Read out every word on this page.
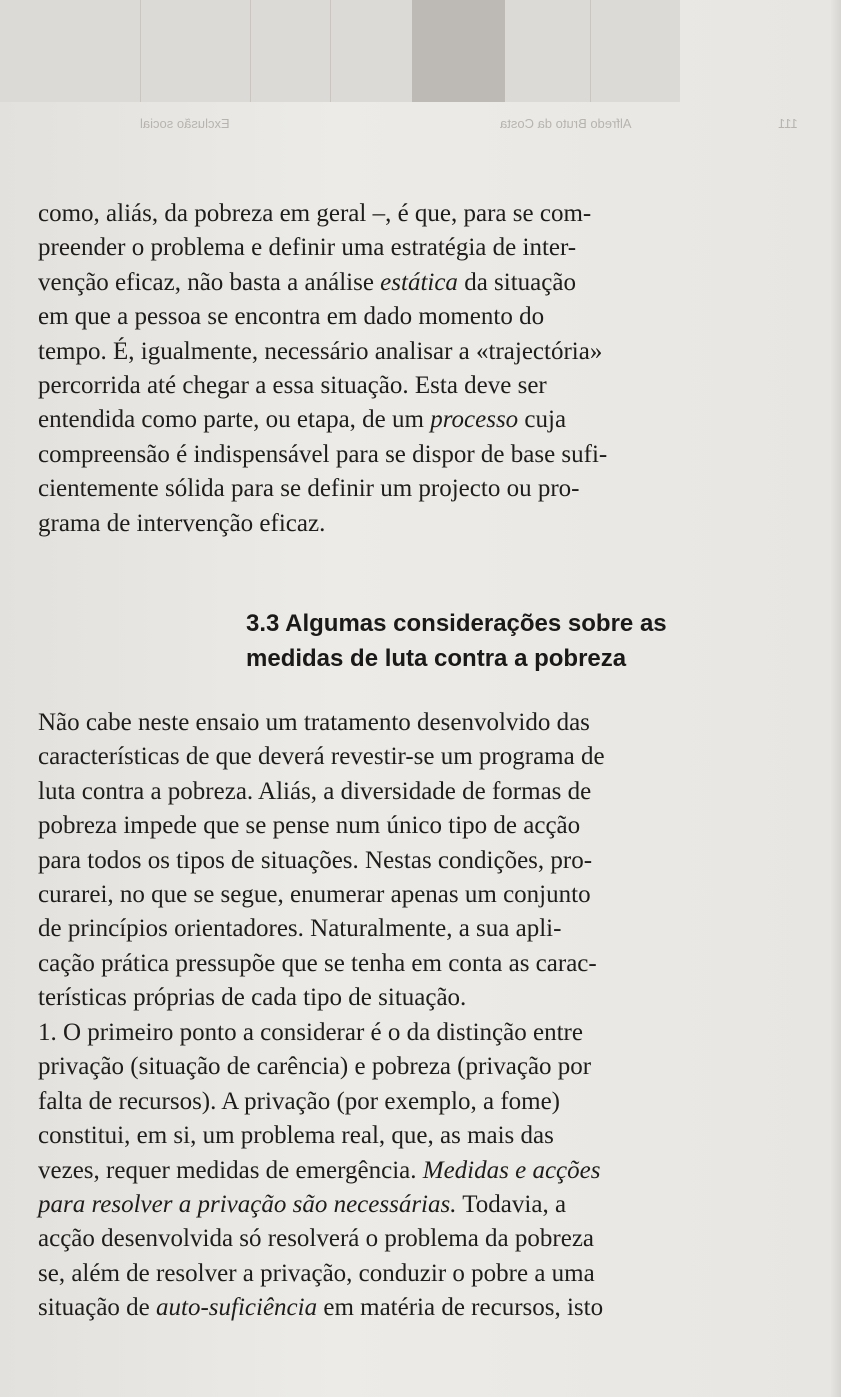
Exclusão social	Alfredo Bruto da Costa	111
como, aliás, da pobreza em geral –, é que, para se com-
preender o problema e definir uma estratégia de inter-
venção eficaz, não basta a análise estática da situação
em que a pessoa se encontra em dado momento do
tempo. É, igualmente, necessário analisar a «trajectória»
percorrida até chegar a essa situação. Esta deve ser
entendida como parte, ou etapa, de um processo cuja
compreensão é indispensável para se dispor de base sufi-
cientemente sólida para se definir um projecto ou pro-
grama de intervenção eficaz.
3.3 Algumas considerações sobre as
medidas de luta contra a pobreza
Não cabe neste ensaio um tratamento desenvolvido das
características de que deverá revestir-se um programa de
luta contra a pobreza. Aliás, a diversidade de formas de
pobreza impede que se pense num único tipo de acção
para todos os tipos de situações. Nestas condições, pro-
curarei, no que se segue, enumerar apenas um conjunto
de princípios orientadores. Naturalmente, a sua apli-
cação prática pressupõe que se tenha em conta as carac-
terísticas próprias de cada tipo de situação.
1. O primeiro ponto a considerar é o da distinção entre
privação (situação de carência) e pobreza (privação por
falta de recursos). A privação (por exemplo, a fome)
constitui, em si, um problema real, que, as mais das
vezes, requer medidas de emergência. Medidas e acções
para resolver a privação são necessárias. Todavia, a
acção desenvolvida só resolverá o problema da pobreza
se, além de resolver a privação, conduzir o pobre a uma
situação de auto-suficiência em matéria de recursos, isto
